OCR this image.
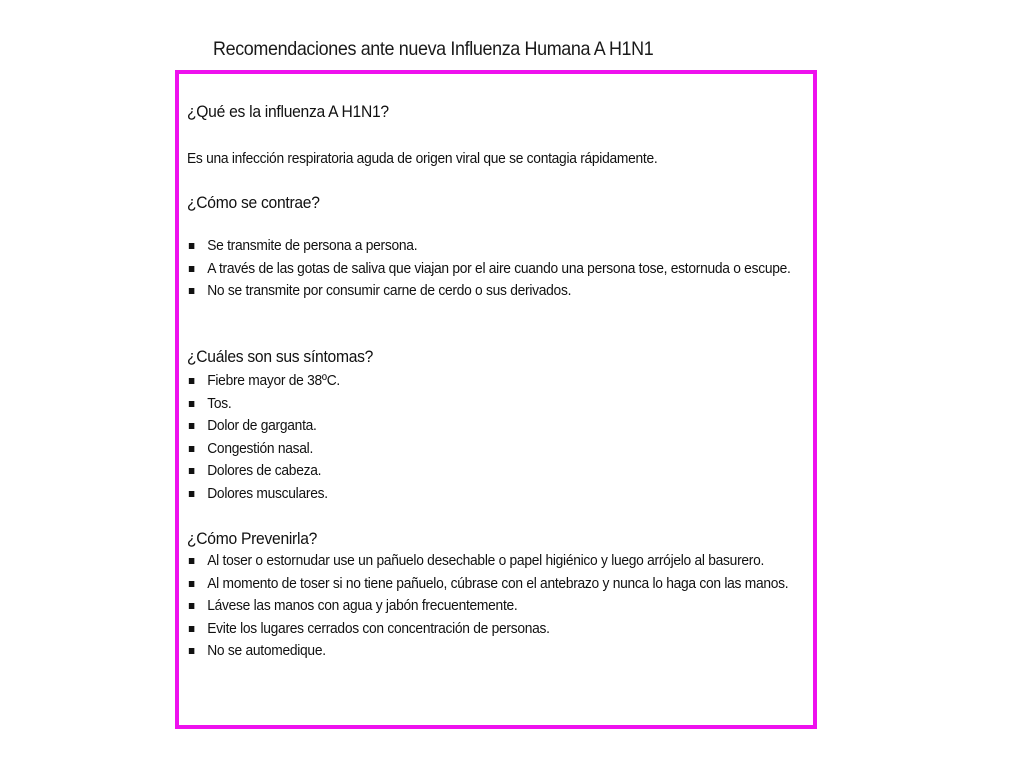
Recomendaciones ante nueva Influenza Humana A H1N1
¿Qué es la influenza A H1N1?
Es una infección respiratoria aguda de origen viral que se contagia rápidamente.
¿Cómo se contrae?
Se transmite de persona a persona.
A través de las gotas de saliva que viajan por el aire cuando una persona tose, estornuda o escupe.
No se transmite por consumir carne de cerdo o sus derivados.
¿Cuáles son sus síntomas?
Fiebre mayor de 38ºC.
Tos.
Dolor de garganta.
Congestión nasal.
Dolores de cabeza.
Dolores musculares.
¿Cómo Prevenirla?
Al toser o estornudar use un pañuelo desechable o papel higiénico y luego arrójelo al basurero.
Al momento de toser si no tiene pañuelo, cúbrase con el antebrazo y nunca lo haga con las manos.
Lávese las manos con agua y jabón frecuentemente.
Evite los lugares cerrados con concentración de personas.
No se automedique.
